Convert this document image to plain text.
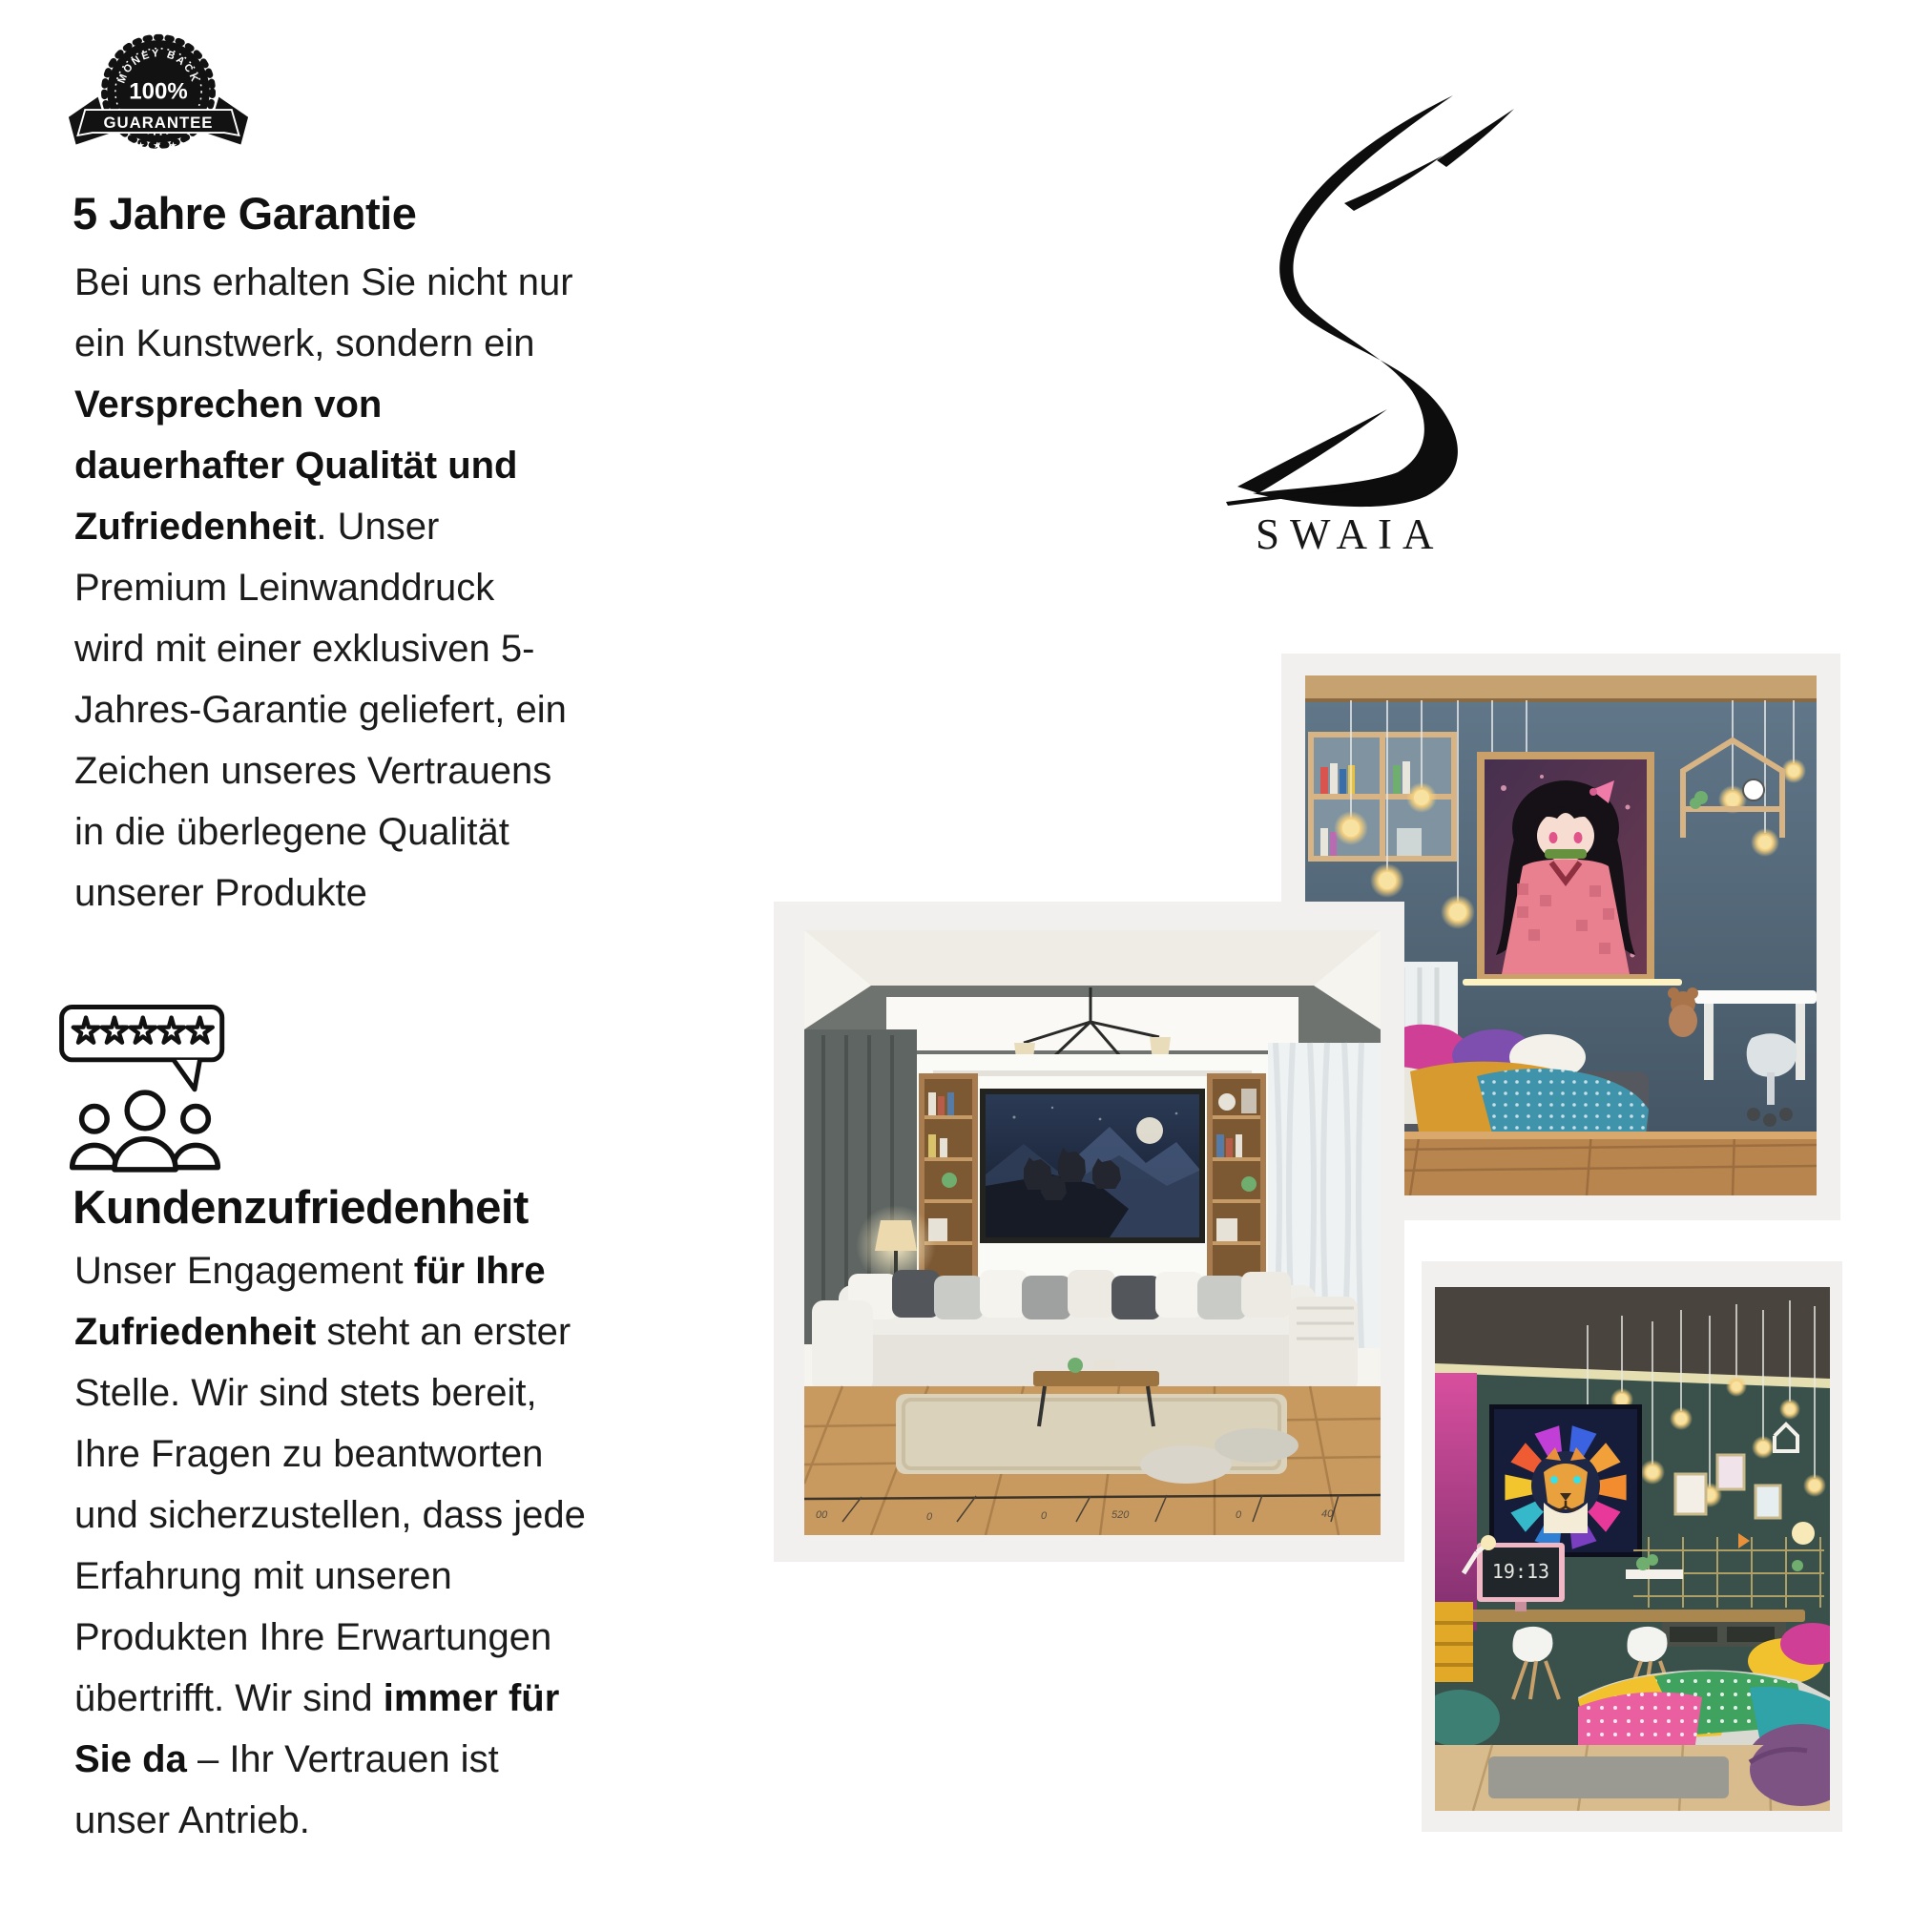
MONEY BACK
100%
GUARANTEE
★ ★ ★
5 Jahre Garantie
Bei uns erhalten Sie nicht nur
ein Kunstwerk, sondern ein
Versprechen von
dauerhafter Qualität und
Zufriedenheit. Unser
Premium Leinwanddruck
wird mit einer exklusiven 5-
Jahres-Garantie geliefert, ein
Zeichen unseres Vertrauens
in die überlegene Qualität
unserer Produkte
Kundenzufriedenheit
Unser Engagement für Ihre
Zufriedenheit steht an erster
Stelle. Wir sind stets bereit,
Ihre Fragen zu beantworten
und sicherzustellen, dass jede
Erfahrung mit unseren
Produkten Ihre Erwartungen
übertrifft. Wir sind immer für
Sie da – Ihr Vertrauen ist
unser Antrieb.
SWAIA
00	0	0	520	0	40
19:13
